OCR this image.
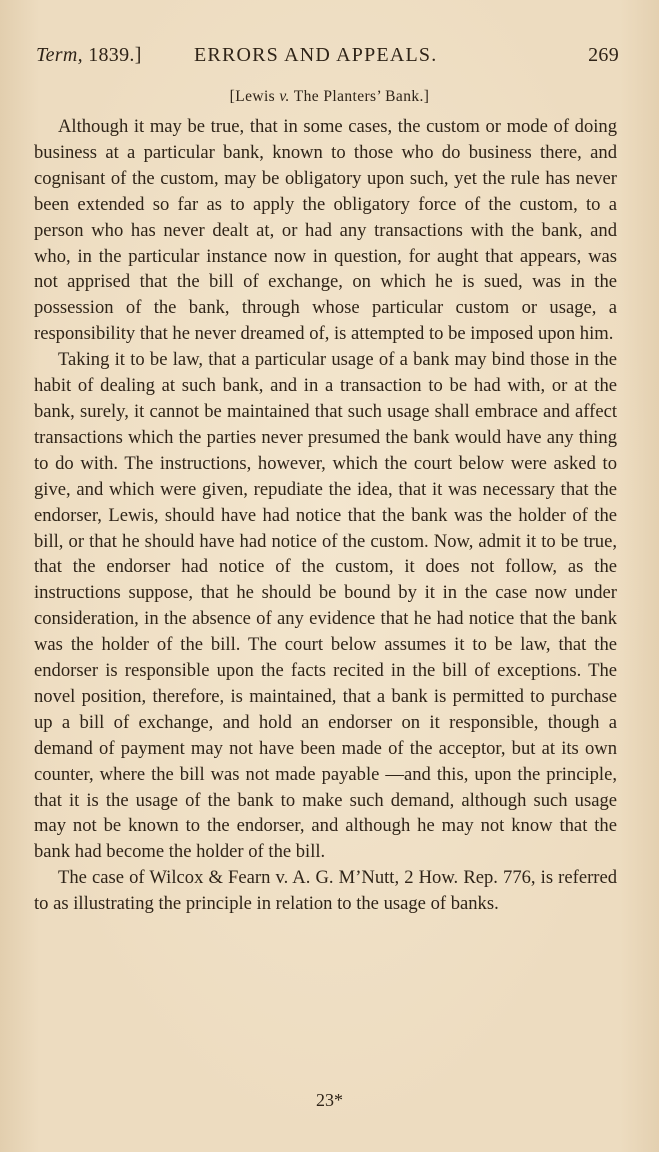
Term, 1839.]	ERRORS AND APPEALS.	269
[Lewis v. The Planters’ Bank.]

Although it may be true, that in some cases, the custom or mode of doing business at a particular bank, known to those who do business there, and cognisant of the custom, may be obligatory upon such, yet the rule has never been extended so far as to apply the obligatory force of the custom, to a person who has never dealt at, or had any transactions with the bank, and who, in the particular instance now in question, for aught that appears, was not apprised that the bill of exchange, on which he is sued, was in the possession of the bank, through whose particular custom or usage, a responsibility that he never dreamed of, is attempted to be imposed upon him.

Taking it to be law, that a particular usage of a bank may bind those in the habit of dealing at such bank, and in a transaction to be had with, or at the bank, surely, it cannot be maintained that such usage shall embrace and affect transactions which the parties never presumed the bank would have any thing to do with. The instructions, however, which the court below were asked to give, and which were given, repudiate the idea, that it was necessary that the endorser, Lewis, should have had notice that the bank was the holder of the bill, or that he should have had notice of the custom. Now, admit it to be true, that the endorser had notice of the custom, it does not follow, as the instructions suppose, that he should be bound by it in the case now under consideration, in the absence of any evidence that he had notice that the bank was the holder of the bill. The court below assumes it to be law, that the endorser is responsible upon the facts recited in the bill of exceptions. The novel position, therefore, is maintained, that a bank is permitted to purchase up a bill of exchange, and hold an endorser on it responsible, though a demand of payment may not have been made of the acceptor, but at its own counter, where the bill was not made payable —and this, upon the principle, that it is the usage of the bank to make such demand, although such usage may not be known to the endorser, and although he may not know that the bank had become the holder of the bill.

The case of Wilcox & Fearn v. A. G. M’Nutt, 2 How. Rep. 776, is referred to as illustrating the principle in relation to the usage of banks.

23*
